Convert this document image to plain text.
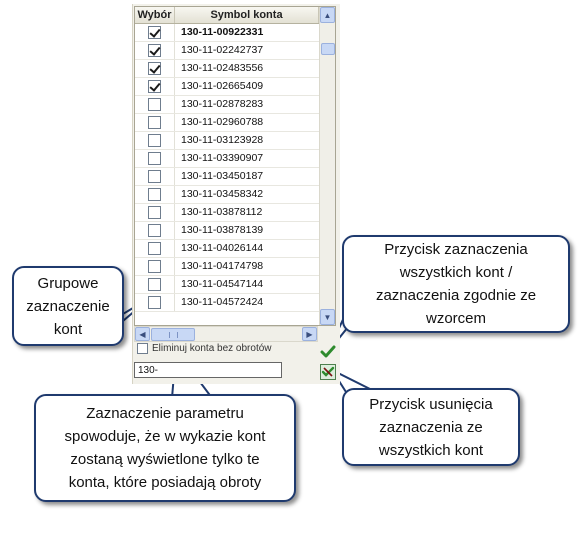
Wybór	Symbol konta
130-11-00922331
130-11-02242737
130-11-02483556
130-11-02665409
130-11-02878283
130-11-02960788
130-11-03123928
130-11-03390907
130-11-03450187
130-11-03458342
130-11-03878112
130-11-03878139
130-11-04026144
130-11-04174798
130-11-04547144
130-11-04572424
▲
▼
◀	▶
Eliminuj konta bez obrotów
130-
Grupowe
zaznaczenie
kont
Przycisk zaznaczenia
wszystkich kont /
zaznaczenia zgodnie ze
wzorcem
Przycisk usunięcia
zaznaczenia ze
wszystkich kont
Zaznaczenie parametru
spowoduje, że w wykazie kont
zostaną wyświetlone tylko te
konta, które posiadają obroty
